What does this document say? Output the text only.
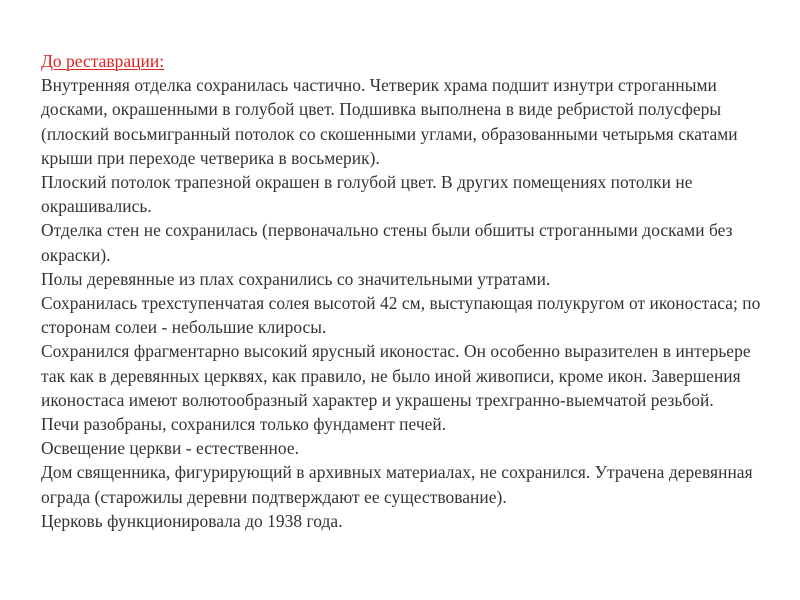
До реставрации:

Внутренняя отделка сохранилась частично. Четверик храма подшит изнутри строганными досками, окрашенными в голубой цвет. Подшивка выполнена в виде ребристой полусферы (плоский восьмигранный потолок со скошенными углами, образованными четырьмя скатами крыши при переходе четверика в восьмерик).

Плоский потолок трапезной окрашен в голубой цвет. В других помещениях потолки не окрашивались.

Отделка стен не сохранилась (первоначально стены были обшиты строганными досками без окраски).

Полы деревянные из плах сохранились со значительными утратами.

Сохранилась трехступенчатая солея высотой 42 см, выступающая полукругом от иконостаса; по сторонам солеи - небольшие клиросы.

Сохранился фрагментарно высокий ярусный иконостас. Он особенно выразителен в интерьере так как в деревянных церквях, как правило, не было иной живописи, кроме икон. Завершения иконостаса имеют волютообразный характер и украшены трехгранно-выемчатой резьбой.

Печи разобраны, сохранился только фундамент печей.

Освещение церкви - естественное.

Дом священника, фигурирующий в архивных материалах, не сохранился. Утрачена деревянная ограда (старожилы деревни подтверждают ее существование).

Церковь функционировала до 1938 года.
